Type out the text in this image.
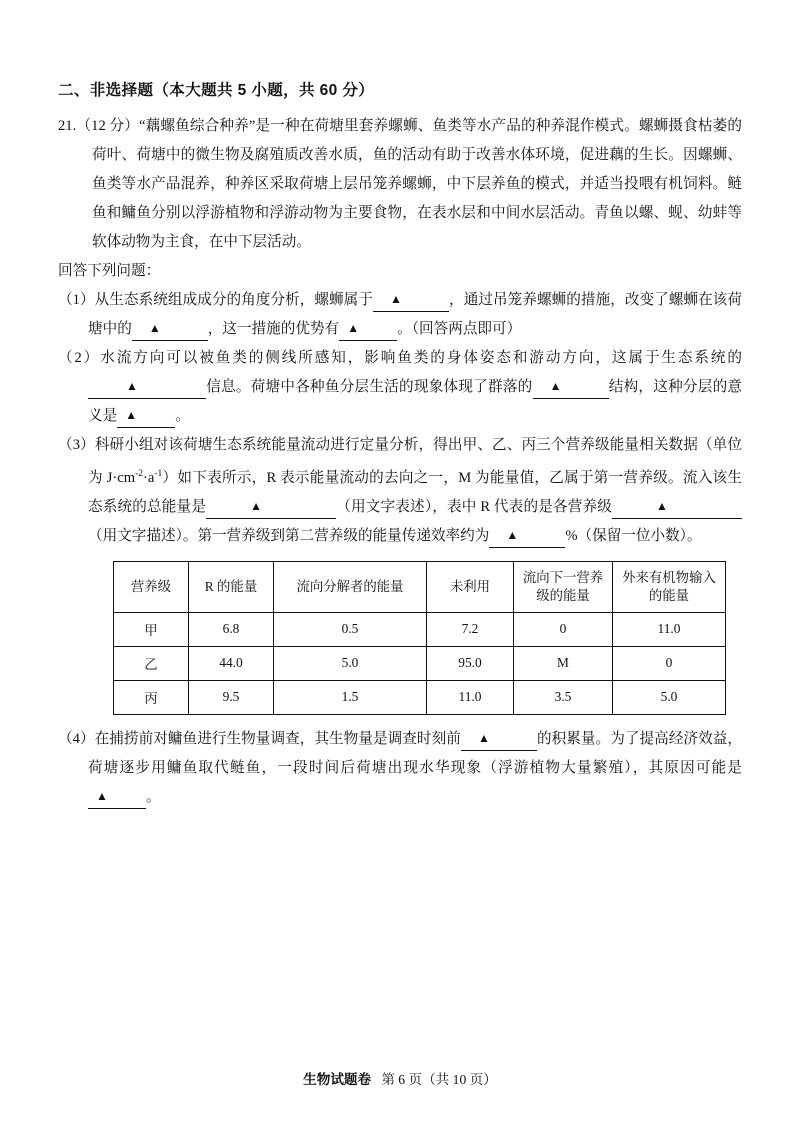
二、非选择题（本大题共 5 小题，共 60 分）
21.（12 分）“藕螺鱼综合种养”是一种在荷塘里套养螺蛳、鱼类等水产品的种养混作模式。螺蛳摄食枯萎的荷叶、荷塘中的微生物及腐殖质改善水质，鱼的活动有助于改善水体环境，促进藕的生长。因螺蛳、鱼类等水产品混养，种养区采取荷塘上层吊笼养螺蛳，中下层养鱼的模式，并适当投喂有机饲料。鲢鱼和鳙鱼分别以浮游植物和浮游动物为主要食物，在表水层和中间水层活动。青鱼以螺、蚬、幼蚌等软体动物为主食，在中下层活动。
回答下列问题：
（1）从生态系统组成成分的角度分析，螺蛳属于 ▲	，通过吊笼养螺蛳的措施，改变了螺蛳在该荷塘中的 ▲	，这一措施的优势有 ▲	。（回答两点即可）
（2）水流方向可以被鱼类的侧线所感知，影响鱼类的身体姿态和游动方向，这属于生态系统的▲	信息。荷塘中各种鱼分层生活的现象体现了群落的 ▲	结构，这种分层的意义是 ▲	。
（3）科研小组对该荷塘生态系统能量流动进行定量分析，得出甲、乙、丙三个营养级能量相关数据（单位为 $J\cdot cm^{-2}\cdot a^{-1}$）如下表所示，R 表示能量流动的去向之一，M 为能量值，乙属于第一营养级。流入该生态系统的总能量是	▲	（用文字表述），表中 R 代表的是各营养级	▲（用文字描述）。第一营养级到第二营养级的能量传递效率约为 ▲	%（保留一位小数）。
营养级	R 的能量	流向分解者的能量	未利用	流向下一营养级的能量	外来有机物输入的能量
甲	6.8	0.5	7.2	0	11.0
乙	44.0	5.0	95.0	M	0
丙	9.5	1.5	11.0	3.5	5.0
（4）在捕捞前对鳙鱼进行生物量调查，其生物量是调查时刻前 ▲	的积累量。为了提高经济效益，荷塘逐步用鳙鱼取代鲢鱼，一段时间后荷塘出现水华现象（浮游植物大量繁殖），其原因可能是▲	。
生物试题卷 第 6 页（共 10 页）
